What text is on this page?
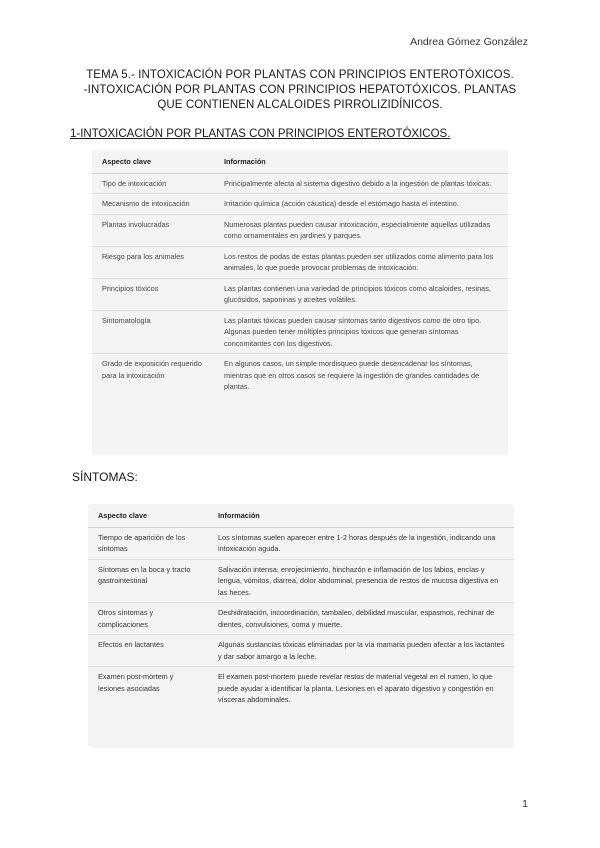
Andrea Gómez González
TEMA 5.- INTOXICACIÓN POR PLANTAS CON PRINCIPIOS ENTEROTÓXICOS.
-INTOXICACIÓN POR PLANTAS CON PRINCIPIOS HEPATOTÓXICOS. PLANTAS
QUE CONTIENEN ALCALOIDES PIRROLIZIDÍNICOS.
1-INTOXICACIÓN POR PLANTAS CON PRINCIPIOS ENTEROTÓXICOS.
Aspecto clave	Información
Tipo de intoxicación	Principalmente afecta al sistema digestivo debido a la ingestión de plantas tóxicas.
Mecanismo de intoxicación	Irritación química (acción cáustica) desde el estómago hasta el intestino.
Plantas involucradas	Numerosas plantas pueden causar intoxicación, especialmente aquellas utilizadas como ornamentales en jardines y parques.
Riesgo para los animales	Los restos de podas de estas plantas pueden ser utilizados como alimento para los animales, lo que puede provocar problemas de intoxicación.
Principios tóxicos	Las plantas contienen una variedad de principios tóxicos como alcaloides, resinas, glucósidos, saponinas y aceites volátiles.
Sintomatología	Las plantas tóxicas pueden causar síntomas tanto digestivos como de otro tipo. Algunas pueden tener múltiples principios tóxicos que generan síntomas concomitantes con los digestivos.
Grado de exposición requerido para la intoxicación	En algunos casos, un simple mordisqueo puede desencadenar los síntomas, mientras que en otros casos se requiere la ingestión de grandes cantidades de plantas.
SÍNTOMAS:
Aspecto clave	Información
Tiempo de aparición de los síntomas	Los síntomas suelen aparecer entre 1-2 horas después de la ingestión, indicando una intoxicación aguda.
Síntomas en la boca y tracto gastrointestinal	Salivación intensa, enrojecimiento, hinchazón e inflamación de los labios, encías y lengua, vómitos, diarrea, dolor abdominal, presencia de restos de mucosa digestiva en las heces.
Otros síntomas y complicaciones	Deshidratación, incoordinación, tambaleo, debilidad muscular, espasmos, rechinar de dientes, convulsiones, coma y muerte.
Efectos en lactantes	Algunas sustancias tóxicas eliminadas por la vía mamaria pueden afectar a los lactantes y dar sabor amargo a la leche.
Examen post-mortem y lesiones asociadas	El examen post-mortem puede revelar restos de material vegetal en el rumen, lo que puede ayudar a identificar la planta. Lesiones en el aparato digestivo y congestión en vísceras abdominales.
1
